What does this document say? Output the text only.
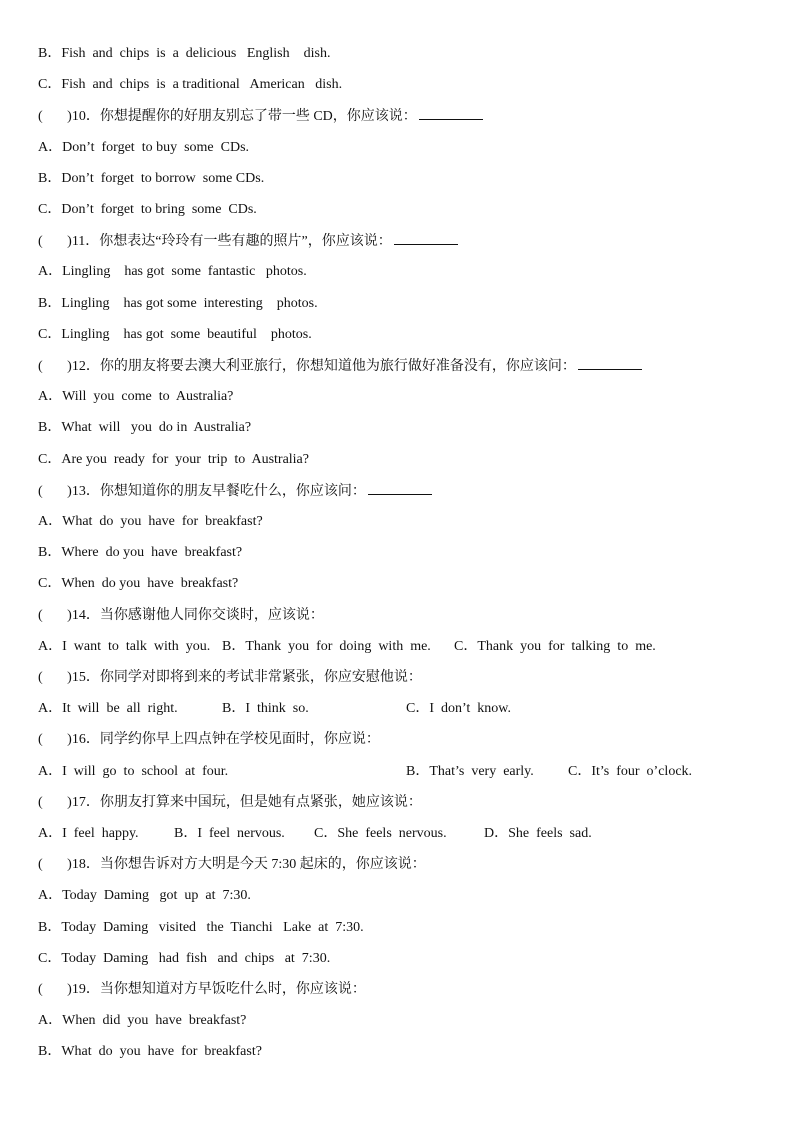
B．Fish  and  chips  is  a  delicious   English    dish.
C．Fish  and  chips  is  a traditional   American   dish.
(       )10．你想提醒你的好朋友别忘了带一些 CD，你应该说：
A．Don’t  forget  to buy  some  CDs.
B．Don’t  forget  to borrow  some CDs.
C．Don’t  forget  to bring  some  CDs.
(       )11．你想表达“玲玲有一些有趣的照片”，你应该说：
A．Lingling    has got  some  fantastic   photos.
B．Lingling    has got some  interesting    photos.
C．Lingling    has got  some  beautiful    photos.
(       )12．你的朋友将要去澳大利亚旅行，你想知道他为旅行做好准备没有，你应该问：
A．Will  you  come  to  Australia?
B．What  will   you  do in  Australia?
C．Are you  ready  for  your  trip  to  Australia?
(       )13．你想知道你的朋友早餐吃什么，你应该问：
A．What  do  you  have  for  breakfast?
B．Where  do you  have  breakfast?
C．When  do you  have  breakfast?
(       )14．当你感谢他人同你交谈时，应该说：
A．I  want  to  talk  with  you. B．Thank  you  for  doing  with  me. C．Thank  you  for  talking  to  me.
(       )15．你同学对即将到来的考试非常紧张，你应安慰他说：
A．It  will  be  all  right.	B．I  think  so.	C．I  don’t  know.
(       )16．同学约你早上四点钟在学校见面时，你应说：
A．I  will  go  to  school  at  four.	B．That’s  very  early. C．It’s  four  o’clock.
(       )17．你朋友打算来中国玩，但是她有点紧张，她应该说：
A．I  feel  happy.	B．I  feel  nervous. C．She  feels  nervous.	D．She  feels  sad.
(       )18．当你想告诉对方大明是今天 7:30 起床的，你应该说：
A．Today  Daming   got  up  at  7:30.
B．Today  Daming   visited   the  Tianchi   Lake  at  7:30.
C．Today  Daming   had  fish   and  chips   at  7:30.
(       )19．当你想知道对方早饭吃什么时，你应该说：
A．When  did  you  have  breakfast?
B．What  do  you  have  for  breakfast?
